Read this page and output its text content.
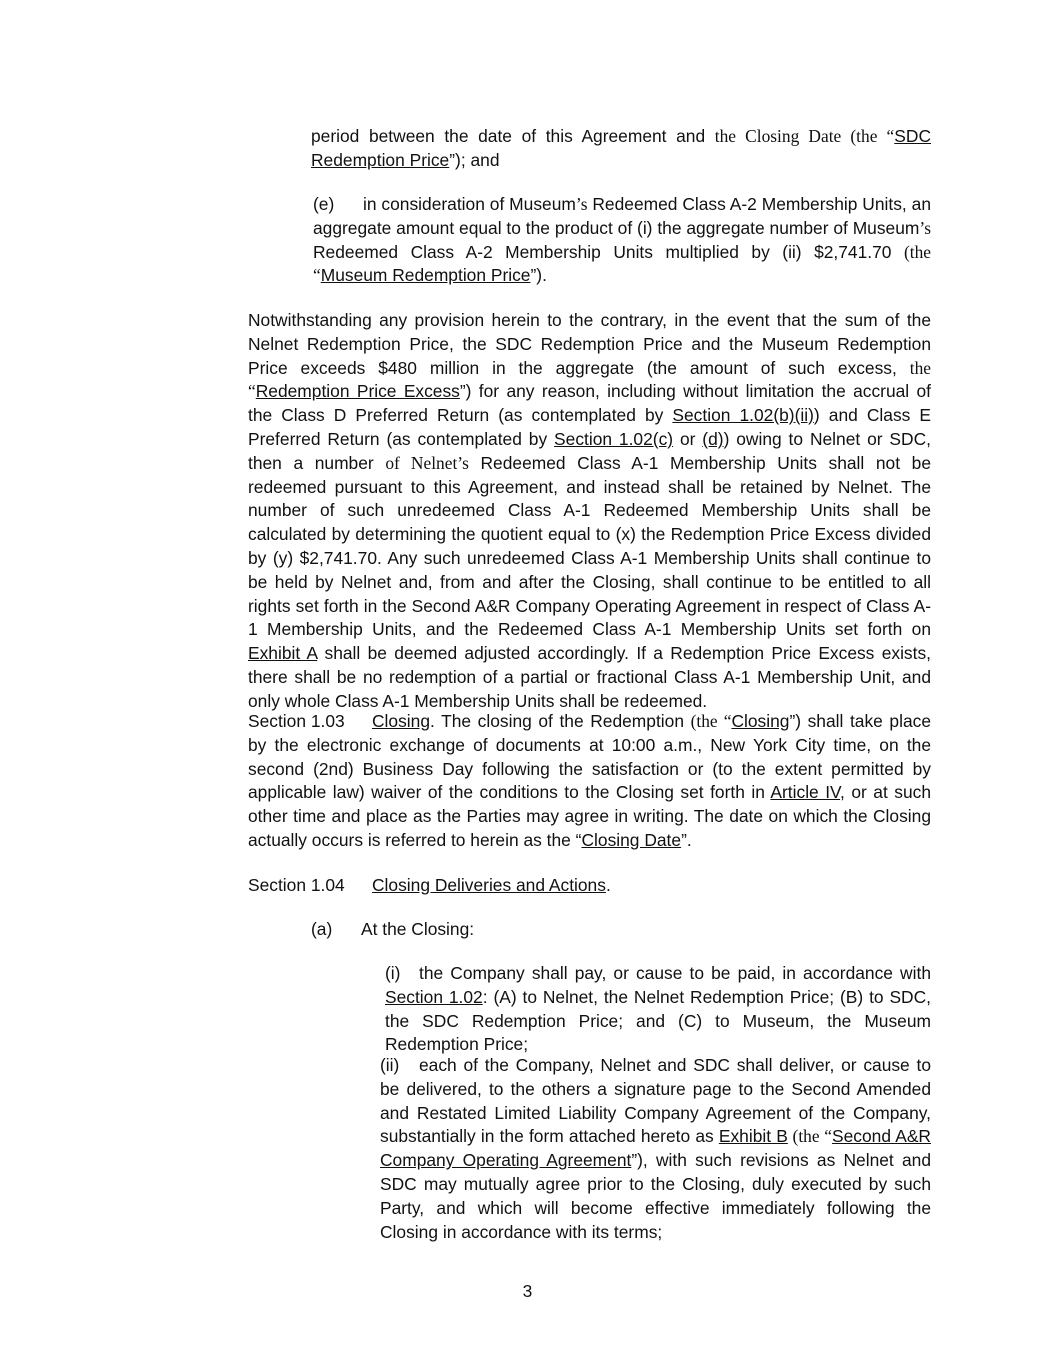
period between the date of this Agreement and the Closing Date (the “SDC Redemption Price”); and

(e) in consideration of Museum’s Redeemed Class A-2 Membership Units, an aggregate amount equal to the product of (i) the aggregate number of Museum’s Redeemed Class A-2 Membership Units multiplied by (ii) $2,741.70 (the “Museum Redemption Price”).

Notwithstanding any provision herein to the contrary, in the event that the sum of the Nelnet Redemption Price, the SDC Redemption Price and the Museum Redemption Price exceeds $480 million in the aggregate (the amount of such excess, the “Redemption Price Excess”) for any reason, including without limitation the accrual of the Class D Preferred Return (as contemplated by Section 1.02(b)(ii)) and Class E Preferred Return (as contemplated by Section 1.02(c) or (d)) owing to Nelnet or SDC, then a number of Nelnet’s Redeemed Class A-1 Membership Units shall not be redeemed pursuant to this Agreement, and instead shall be retained by Nelnet. The number of such unredeemed Class A-1 Redeemed Membership Units shall be calculated by determining the quotient equal to (x) the Redemption Price Excess divided by (y) $2,741.70. Any such unredeemed Class A-1 Membership Units shall continue to be held by Nelnet and, from and after the Closing, shall continue to be entitled to all rights set forth in the Second A&R Company Operating Agreement in respect of Class A-1 Membership Units, and the Redeemed Class A-1 Membership Units set forth on Exhibit A shall be deemed adjusted accordingly. If a Redemption Price Excess exists, there shall be no redemption of a partial or fractional Class A-1 Membership Unit, and only whole Class A-1 Membership Units shall be redeemed.

Section 1.03 Closing. The closing of the Redemption (the “Closing”) shall take place by the electronic exchange of documents at 10:00 a.m., New York City time, on the second (2nd) Business Day following the satisfaction or (to the extent permitted by applicable law) waiver of the conditions to the Closing set forth in Article IV, or at such other time and place as the Parties may agree in writing. The date on which the Closing actually occurs is referred to herein as the “Closing Date”.

Section 1.04 Closing Deliveries and Actions.

(a) At the Closing:

(i) the Company shall pay, or cause to be paid, in accordance with Section 1.02: (A) to Nelnet, the Nelnet Redemption Price; (B) to SDC, the SDC Redemption Price; and (C) to Museum, the Museum Redemption Price;

(ii) each of the Company, Nelnet and SDC shall deliver, or cause to be delivered, to the others a signature page to the Second Amended and Restated Limited Liability Company Agreement of the Company, substantially in the form attached hereto as Exhibit B (the “Second A&R Company Operating Agreement”), with such revisions as Nelnet and SDC may mutually agree prior to the Closing, duly executed by such Party, and which will become effective immediately following the Closing in accordance with its terms;

3
